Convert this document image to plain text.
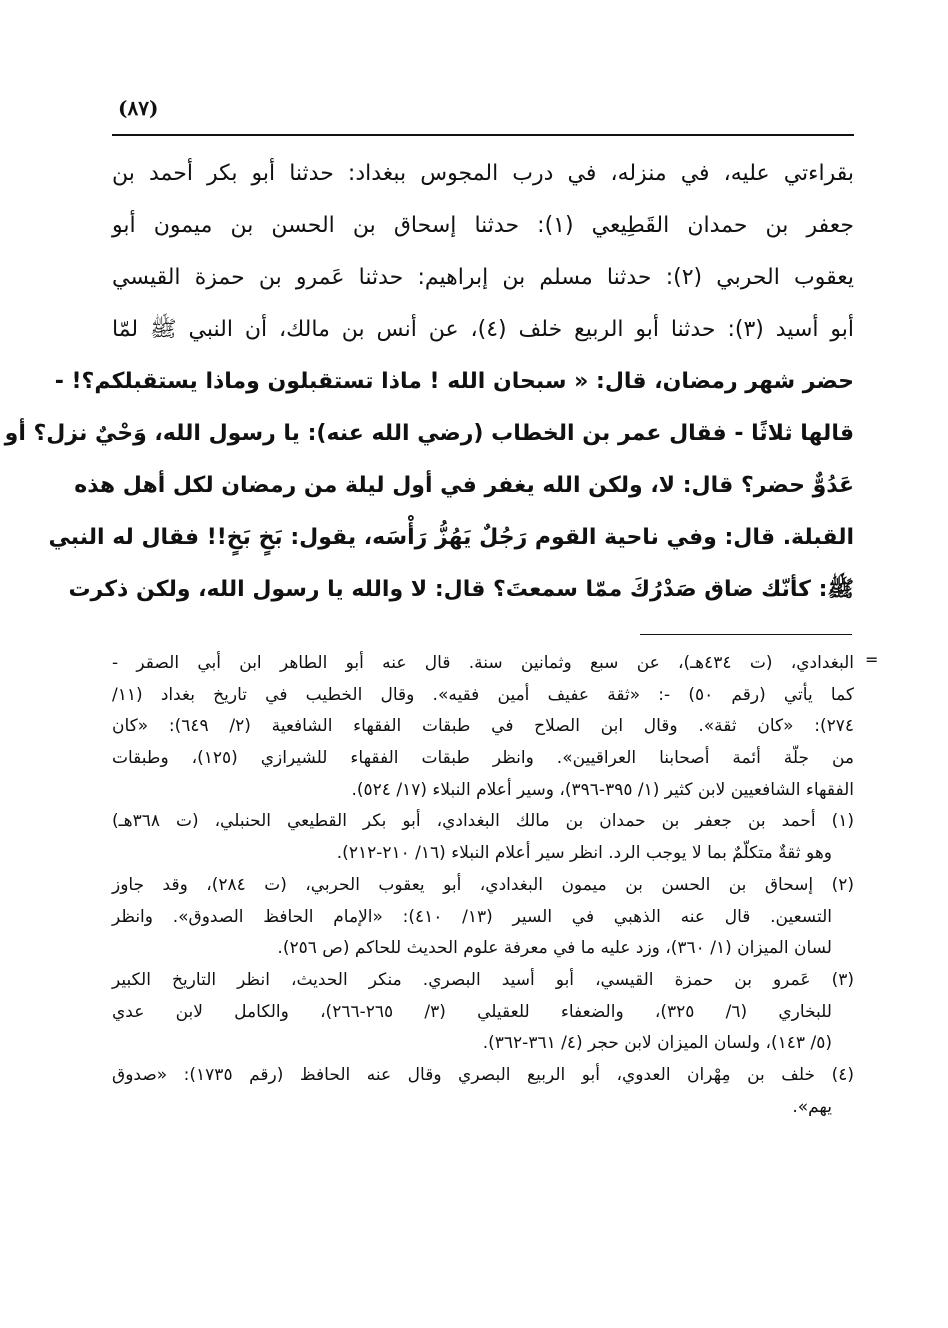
(٨٧)
بقراءتي عليه، في منزله، في درب المجوس ببغداد: حدثنا أبو بكر أحمد بن
جعفر بن حمدان القَطِيعي (١): حدثنا إسحاق بن الحسن بن ميمون أبو
يعقوب الحربي (٢): حدثنا مسلم بن إبراهيم: حدثنا عَمرو بن حمزة القيسي
أبو أسيد (٣): حدثنا أبو الربيع خلف (٤)، عن أنس بن مالك، أن النبي ﷺ لمّا
حضر شهر رمضان، قال: « سبحان الله ! ماذا تستقبلون وماذا يستقبلكم؟! -
قالها ثلاثًا - فقال عمر بن الخطاب (رضي الله عنه): يا رسول الله، وَحْيٌ نزل؟ أو
عَدُوٌّ حضر؟ قال: لا، ولكن الله يغفر في أول ليلة من رمضان لكل أهل هذه
القبلة. قال: وفي ناحية القوم رَجُلٌ يَهُزُّ رَأْسَه، يقول: بَخٍ بَخٍ!! فقال له النبي
ﷺ: كأنّك ضاق صَدْرُكَ ممّا سمعتَ؟ قال: لا والله يا رسول الله، ولكن ذكرت
=
البغدادي، (ت ٤٣٤هـ)، عن سبع وثمانين سنة. قال عنه أبو الطاهر ابن أبي الصقر -
كما يأتي (رقم ٥٠) -: «ثقة عفيف أمين فقيه». وقال الخطيب في تاريخ بغداد (١١/
٢٧٤): «كان ثقة». وقال ابن الصلاح في طبقات الفقهاء الشافعية (٢/ ٦٤٩): «كان
من جلّة أئمة أصحابنا العراقيين». وانظر طبقات الفقهاء للشيرازي (١٢٥)، وطبقات
الفقهاء الشافعيين لابن كثير (١/ ٣٩٥-٣٩٦)، وسير أعلام النبلاء (١٧/ ٥٢٤).
(١) أحمد بن جعفر بن حمدان بن مالك البغدادي، أبو بكر القطيعي الحنبلي، (ت ٣٦٨هـ)
وهو ثقةٌ متكلّمٌ بما لا يوجب الرد. انظر سير أعلام النبلاء (١٦/ ٢١٠-٢١٢).
(٢) إسحاق بن الحسن بن ميمون البغدادي، أبو يعقوب الحربي، (ت ٢٨٤)، وقد جاوز
التسعين. قال عنه الذهبي في السير (١٣/ ٤١٠): «الإمام الحافظ الصدوق». وانظر
لسان الميزان (١/ ٣٦٠)، وزد عليه ما في معرفة علوم الحديث للحاكم (ص ٢٥٦).
(٣) عَمرو بن حمزة القيسي، أبو أسيد البصري. منكر الحديث، انظر التاريخ الكبير
للبخاري (٦/ ٣٢٥)، والضعفاء للعقيلي (٣/ ٢٦٥-٢٦٦)، والكامل لابن عدي
(٥/ ١٤٣)، ولسان الميزان لابن حجر (٤/ ٣٦١-٣٦٢).
(٤) خلف بن مِهْران العدوي، أبو الربيع البصري وقال عنه الحافظ (رقم ١٧٣٥): «صدوق
يهم».
